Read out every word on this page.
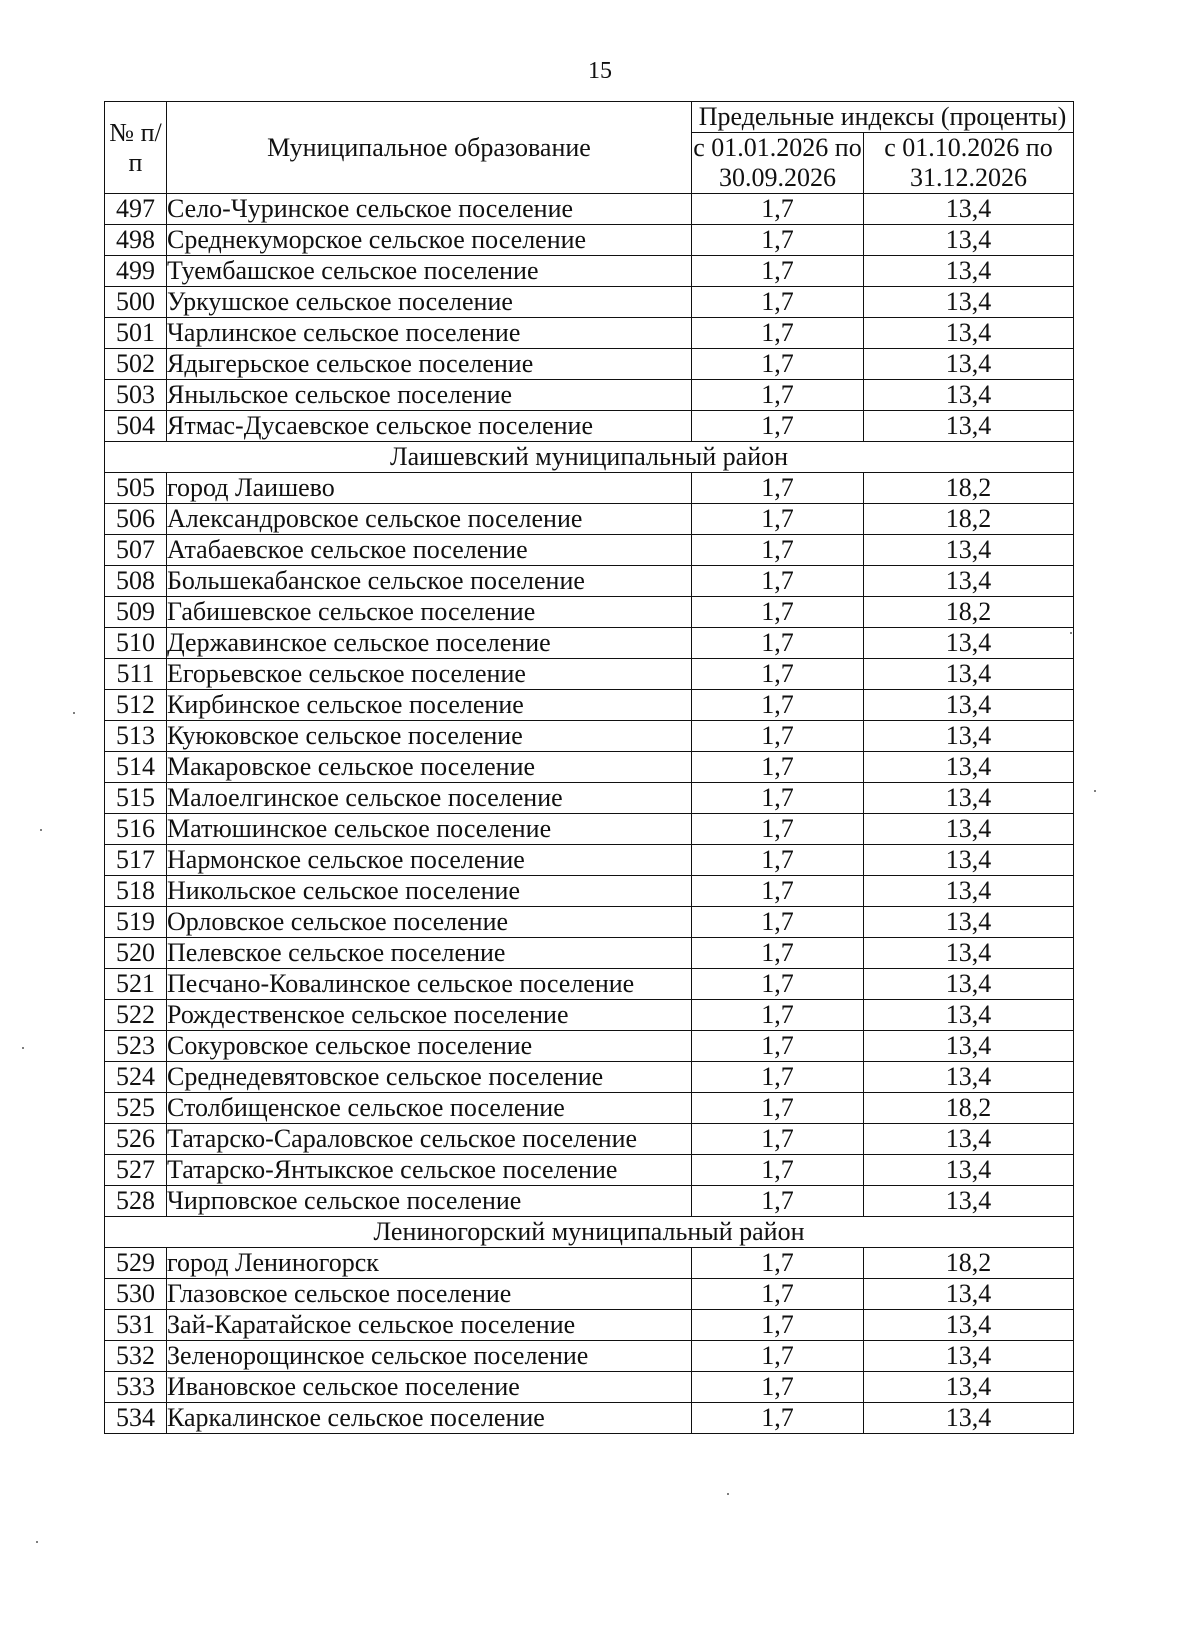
15
№ п/п	Муниципальное образование	Предельные индексы (проценты)	
		с 01.01.2026 по 30.09.2026	с 01.10.2026 по 31.12.2026
497	Село-Чуринское сельское поселение	1,7	13,4
498	Среднекуморское сельское поселение	1,7	13,4
499	Туембашское сельское поселение	1,7	13,4
500	Уркушское сельское поселение	1,7	13,4
501	Чарлинское сельское поселение	1,7	13,4
502	Ядыгерьское сельское поселение	1,7	13,4
503	Яныльское сельское поселение	1,7	13,4
504	Ятмас-Дусаевское сельское поселение	1,7	13,4
Лаишевский муниципальный район			
505	город Лаишево	1,7	18,2
506	Александровское сельское поселение	1,7	18,2
507	Атабаевское сельское поселение	1,7	13,4
508	Большекабанское сельское поселение	1,7	13,4
509	Габишевское сельское поселение	1,7	18,2
510	Державинское сельское поселение	1,7	13,4
511	Егорьевское сельское поселение	1,7	13,4
512	Кирбинское сельское поселение	1,7	13,4
513	Куюковское сельское поселение	1,7	13,4
514	Макаровское сельское поселение	1,7	13,4
515	Малоелгинское сельское поселение	1,7	13,4
516	Матюшинское сельское поселение	1,7	13,4
517	Нармонское сельское поселение	1,7	13,4
518	Никольское сельское поселение	1,7	13,4
519	Орловское сельское поселение	1,7	13,4
520	Пелевское сельское поселение	1,7	13,4
521	Песчано-Ковалинское сельское поселение	1,7	13,4
522	Рождественское сельское поселение	1,7	13,4
523	Сокуровское сельское поселение	1,7	13,4
524	Среднедевятовское сельское поселение	1,7	13,4
525	Столбищенское сельское поселение	1,7	18,2
526	Татарско-Сараловское сельское поселение	1,7	13,4
527	Татарско-Янтыкское сельское поселение	1,7	13,4
528	Чирповское сельское поселение	1,7	13,4
Лениногорский муниципальный район			
529	город Лениногорск	1,7	18,2
530	Глазовское сельское поселение	1,7	13,4
531	Зай-Каратайское сельское поселение	1,7	13,4
532	Зеленорощинское сельское поселение	1,7	13,4
533	Ивановское сельское поселение	1,7	13,4
534	Каркалинское сельское поселение	1,7	13,4
